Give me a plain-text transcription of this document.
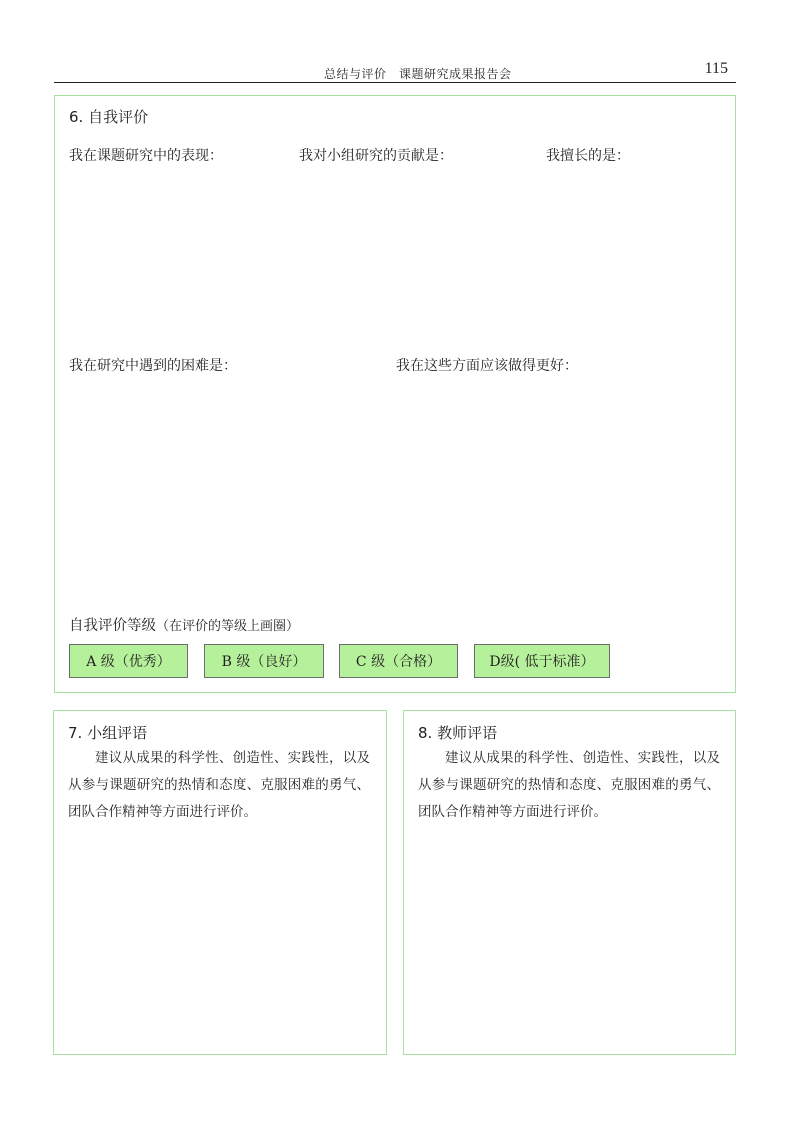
总结与评价　课题研究成果报告会	115
6. 自我评价
我在课题研究中的表现：	我对小组研究的贡献是：	我擅长的是：
我在研究中遇到的困难是：	我在这些方面应该做得更好：
自我评价等级（在评价的等级上画圈）
A 级（优秀）	B 级（良好）	C 级（合格）	D级( 低于标准）
7. 小组评语
建议从成果的科学性、创造性、实践性，以及从参与课题研究的热情和态度、克服困难的勇气、团队合作精神等方面进行评价。
8. 教师评语
建议从成果的科学性、创造性、实践性，以及从参与课题研究的热情和态度、克服困难的勇气、团队合作精神等方面进行评价。
